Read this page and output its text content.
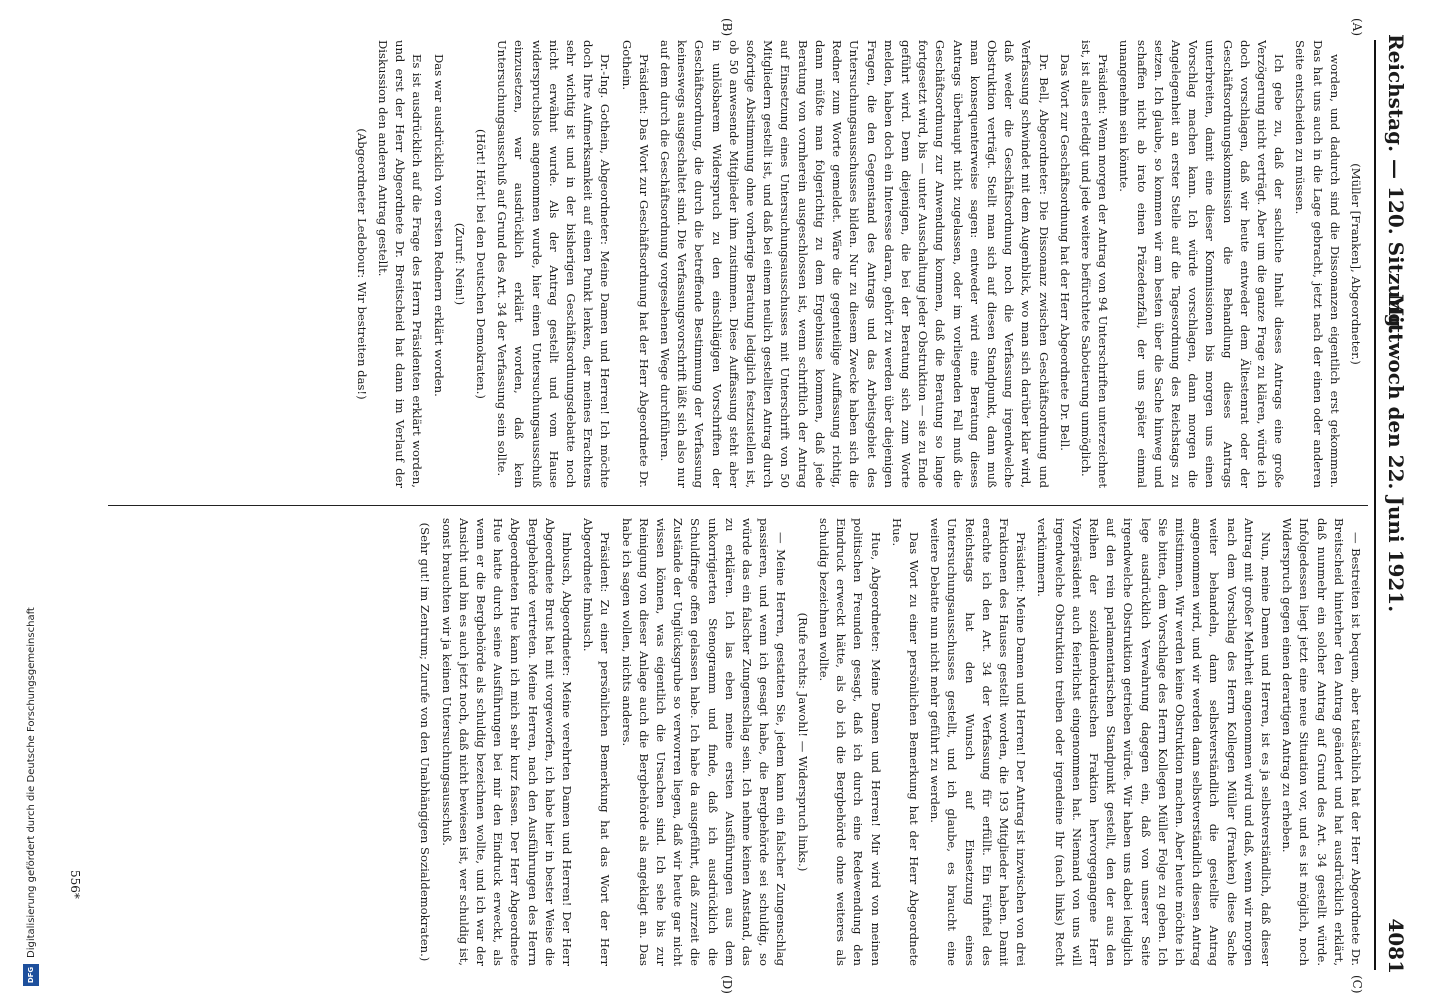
Reichstag. — 120. Sitzung.
Mittwoch den 22. Juni 1921.
4081
(A)
(B)
(C)
(D)

(Müller [Franken], Abgeordneter.)

worden, und dadurch sind die Dissonanzen eigentlich erst gekommen. Das hat uns auch in die Lage gebracht, jetzt nach der einen oder anderen Seite entscheiden zu müssen.

Ich gebe zu, daß der sachliche Inhalt dieses Antrags eine große Verzögerung nicht verträgt. Aber um die ganze Frage zu klären, würde ich doch vorschlagen, daß wir heute entweder dem Ältestenrat oder der Geschäftsordnungskommission die Behandlung dieses Antrags unterbreiten, damit eine dieser Kommissionen bis morgen uns einen Vorschlag machen kann. Ich würde vorschlagen, dann morgen die Angelegenheit an erster Stelle auf die Tagesordnung des Reichstags zu setzen. Ich glaube, so kommen wir am besten über die Sache hinweg und schaffen nicht ab irato einen Präzedenzfall, der uns später einmal unangenehm sein könnte.

Präsident: Wenn morgen der Antrag von 94 Unterschriften unterzeichnet ist, ist alles erledigt und jede weitere befürchtete Sabotierung unmöglich.

Das Wort zur Geschäftsordnung hat der Herr Abgeordnete Dr. Bell.

Dr. Bell, Abgeordneter: Die Dissonanz zwischen Geschäftsordnung und Verfassung schwindet mit dem Augenblick, wo man sich darüber klar wird, daß weder die Geschäftsordnung noch die Verfassung irgendwelche Obstruktion verträgt. Stellt man sich auf diesen Standpunkt, dann muß man konsequenterweise sagen: entweder wird eine Beratung dieses Antrags überhaupt nicht zugelassen, oder im vorliegenden Fall muß die Geschäftsordnung zur Anwendung kommen, daß die Beratung so lange fortgesetzt wird, bis — unter Ausschaltung jeder Obstruktion — sie zu Ende geführt wird. Denn diejenigen, die bei der Beratung sich zum Worte melden, haben doch ein Interesse daran, gehört zu werden über diejenigen Fragen, die den Gegenstand des Antrags und das Arbeitsgebiet des Untersuchungsausschusses bilden. Nur zu diesem Zwecke haben sich die Redner zum Worte gemeldet. Wäre die gegenteilige Auffassung richtig, dann müßte man folgerichtig zu dem Ergebnisse kommen, daß jede Beratung von vornherein ausgeschlossen ist, wenn schriftlich der Antrag auf Einsetzung eines Untersuchungsausschusses mit Unterschrift von 50 Mitgliedern gestellt ist, und daß bei einem neulich gestellten Antrag durch sofortige Abstimmung ohne vorherige Beratung lediglich festzustellen ist, ob 50 anwesende Mitglieder ihm zustimmen. Diese Auffassung steht aber in unlösbarem Widerspruch zu den einschlägigen Vorschriften der Geschäftsordnung, die durch die betreffende Bestimmung der Verfassung keineswegs ausgeschaltet sind. Die Verfassungsvorschrift läßt sich also nur auf dem durch die Geschäftsordnung vorgesehenen Wege durchführen.

Präsident: Das Wort zur Geschäftsordnung hat der Herr Abgeordnete Dr. Gothein.

Dr.-Ing. Gothein, Abgeordneter: Meine Damen und Herren! Ich möchte doch Ihre Aufmerksamkeit auf einen Punkt lenken, der meines Erachtens sehr wichtig ist und in der bisherigen Geschäftsordnungsdebatte noch nicht erwähnt wurde. Als der Antrag gestellt und vom Hause widerspruchslos angenommen wurde, hier einen Untersuchungsausschuß einzusetzen, war ausdrücklich erklärt worden, daß kein Untersuchungsausschuß auf Grund des Art. 34 der Verfassung sein sollte.

(Hört! Hört! bei den Deutschen Demokraten.)

(Zuruf: Nein!)

Das war ausdrücklich von ersten Rednern erklärt worden.

Es ist ausdrücklich auf die Frage des Herrn Präsidenten erklärt worden, und erst der Herr Abgeordnete Dr. Breitscheid hat dann im Verlauf der Diskussion den anderen Antrag gestellt.

(Abgeordneter Ledebour: Wir bestreiten das!)

— Bestreiten ist bequem, aber tatsächlich hat der Herr Abgeordnete Dr. Breitscheid hinterher den Antrag geändert und hat ausdrücklich erklärt, daß nunmehr ein solcher Antrag auf Grund des Art. 34 gestellt würde. Infolgedessen liegt jetzt eine neue Situation vor, und es ist möglich, noch Widerspruch gegen einen derartigen Antrag zu erheben.

Nun, meine Damen und Herren, ist es ja selbstverständlich, daß dieser Antrag mit großer Mehrheit angenommen wird und daß, wenn wir morgen nach dem Vorschlag des Herrn Kollegen Müller (Franken) diese Sache weiter behandeln, dann selbstverständlich die gestellte Antrag angenommen wird, und wir werden dann selbstverständlich diesen Antrag mitstimmen. Wir werden keine Obstruktion machen. Aber heute möchte ich Sie bitten, dem Vorschlage des Herrn Kollegen Müller Folge zu geben. Ich lege ausdrücklich Verwahrung dagegen ein, daß von unserer Seite irgendwelche Obstruktion getrieben würde. Wir haben uns dabei lediglich auf den rein parlamentarischen Standpunkt gestellt, den der aus den Reihen der sozialdemokratischen Fraktion hervorgegangene Herr Vizepräsident auch feierlichst eingenommen hat. Niemand von uns will irgendwelche Obstruktion treiben oder irgendeine Ihr (nach links) Recht verkümmern.

Präsident: Meine Damen und Herren! Der Antrag ist inzwischen von drei Fraktionen des Hauses gestellt worden, die 193 Mitglieder haben. Damit erachte ich den Art. 34 der Verfassung für erfüllt. Ein Fünftel des Reichstags hat den Wunsch auf Einsetzung eines Untersuchungsausschusses gestellt, und ich glaube, es braucht eine weitere Debatte nun nicht mehr geführt zu werden.

Das Wort zu einer persönlichen Bemerkung hat der Herr Abgeordnete Hue.

Hue, Abgeordneter: Meine Damen und Herren! Mir wird von meinen politischen Freunden gesagt, daß ich durch eine Redewendung den Eindruck erweckt hätte, als ob ich die Bergbehörde ohne weiteres als schuldig bezeichnen wollte.

(Rufe rechts: Jawohl! — Widerspruch links.)

— Meine Herren, gestatten Sie, jedem kann ein falscher Zungenschlag passieren, und wenn ich gesagt habe, die Bergbehörde sei schuldig, so würde das ein falscher Zungenschlag sein. Ich nehme keinen Anstand, das zu erklären. Ich las eben meine ersten Ausführungen aus dem unkorrigierten Stenogramm und finde, daß ich ausdrücklich die Schuldfrage offen gelassen habe. Ich habe da ausgeführt, daß zurzeit die Zustände der Unglücksgrube so verworren liegen, daß wir heute gar nicht wissen können, was eigentlich die Ursachen sind. Ich sehe bis zur Reinigung von dieser Anlage auch die Bergbehörde als angeklagt an. Das habe ich sagen wollen, nichts anderes.

Präsident: Zu einer persönlichen Bemerkung hat das Wort der Herr Abgeordnete Imbusch.

Imbusch, Abgeordneter: Meine verehrten Damen und Herren! Der Herr Abgeordnete Brust hat mit vorgeworfen, ich habe hier in bester Weise die Bergbehörde vertreten. Meine Herren, nach den Ausführungen des Herrn Abgeordneten Hue kann ich mich sehr kurz fassen. Der Herr Abgeordnete Hue hatte durch seine Ausführungen bei mir den Eindruck erweckt, als wenn er die Bergbehörde als schuldig bezeichnen wollte, und ich war der Ansicht und bin es auch jetzt noch, daß nicht bewiesen ist, wer schuldig ist, sonst brauchten wir ja keinen Untersuchungsausschuß.

(Sehr gut! im Zentrum; Zurufe von den Unabhängigen Sozialdemokraten.)

556*
DFG
Digitalisierung gefördert durch die Deutsche Forschungsgemeinschaft
